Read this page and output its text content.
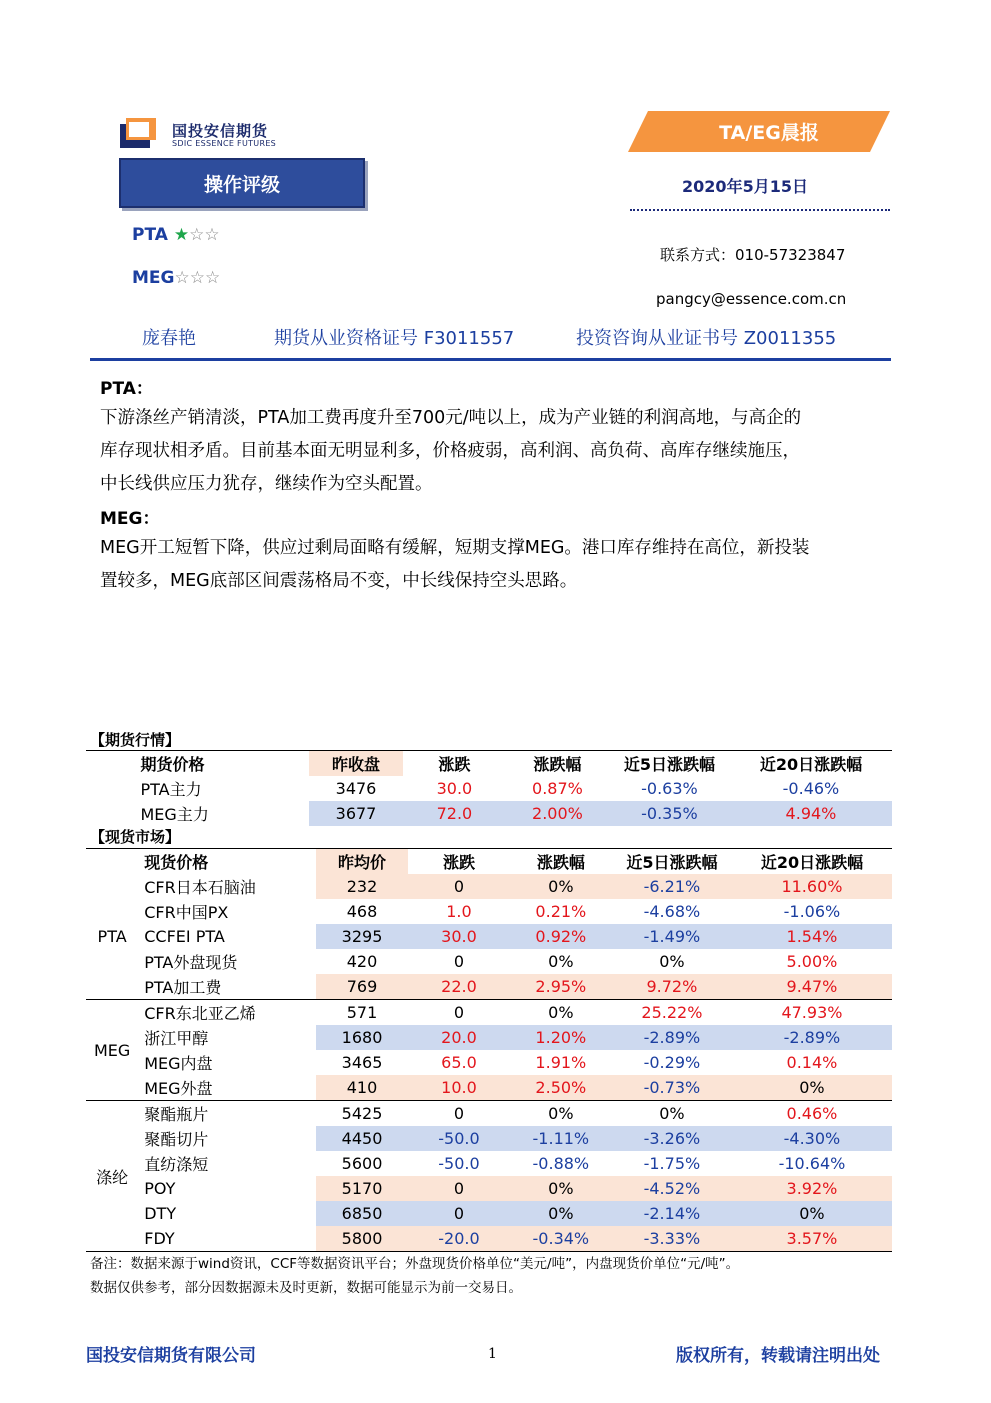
国投安信期货
SDIC ESSENCE FUTURES
操作评级
TA/EG晨报
2020年5月15日
PTA ★☆☆
MEG☆☆☆
联系方式：010-57323847
pangcy@essence.com.cn
庞春艳	期货从业资格证号 F3011557	投资咨询从业证书号 Z0011355
PTA：
下游涤丝产销清淡，PTA加工费再度升至700元/吨以上，成为产业链的利润高地，与高企的
库存现状相矛盾。目前基本面无明显利多，价格疲弱，高利润、高负荷、高库存继续施压，
中长线供应压力犹存，继续作为空头配置。
MEG：
MEG开工短暂下降，供应过剩局面略有缓解，短期支撑MEG。港口库存维持在高位，新投装
置较多，MEG底部区间震荡格局不变，中长线保持空头思路。
【期货行情】
	期货价格	昨收盘	涨跌	涨跌幅	近5日涨跌幅	近20日涨跌幅
	PTA主力	3476	30.0	0.87%	-0.63%	-0.46%
	MEG主力	3677	72.0	2.00%	-0.35%	4.94%
【现货市场】
	现货价格	昨均价	涨跌	涨跌幅	近5日涨跌幅	近20日涨跌幅
PTA	CFR日本石脑油	232	0	0%	-6.21%	11.60%
	CFR中国PX	468	1.0	0.21%	-4.68%	-1.06%
	CCFEI PTA	3295	30.0	0.92%	-1.49%	1.54%
	PTA外盘现货	420	0	0%	0%	5.00%
	PTA加工费	769	22.0	2.95%	9.72%	9.47%
MEG	CFR东北亚乙烯	571	0	0%	25.22%	47.93%
	浙江甲醇	1680	20.0	1.20%	-2.89%	-2.89%
	MEG内盘	3465	65.0	1.91%	-0.29%	0.14%
	MEG外盘	410	10.0	2.50%	-0.73%	0%
涤纶	聚酯瓶片	5425	0	0%	0%	0.46%
	聚酯切片	4450	-50.0	-1.11%	-3.26%	-4.30%
	直纺涤短	5600	-50.0	-0.88%	-1.75%	-10.64%
	POY	5170	0	0%	-4.52%	3.92%
	DTY	6850	0	0%	-2.14%	0%
	FDY	5800	-20.0	-0.34%	-3.33%	3.57%
备注：数据来源于wind资讯，CCF等数据资讯平台；外盘现货价格单位“美元/吨”，内盘现货价单位“元/吨”。
数据仅供参考，部分因数据源未及时更新，数据可能显示为前一交易日。
国投安信期货有限公司	1	版权所有，转载请注明出处
